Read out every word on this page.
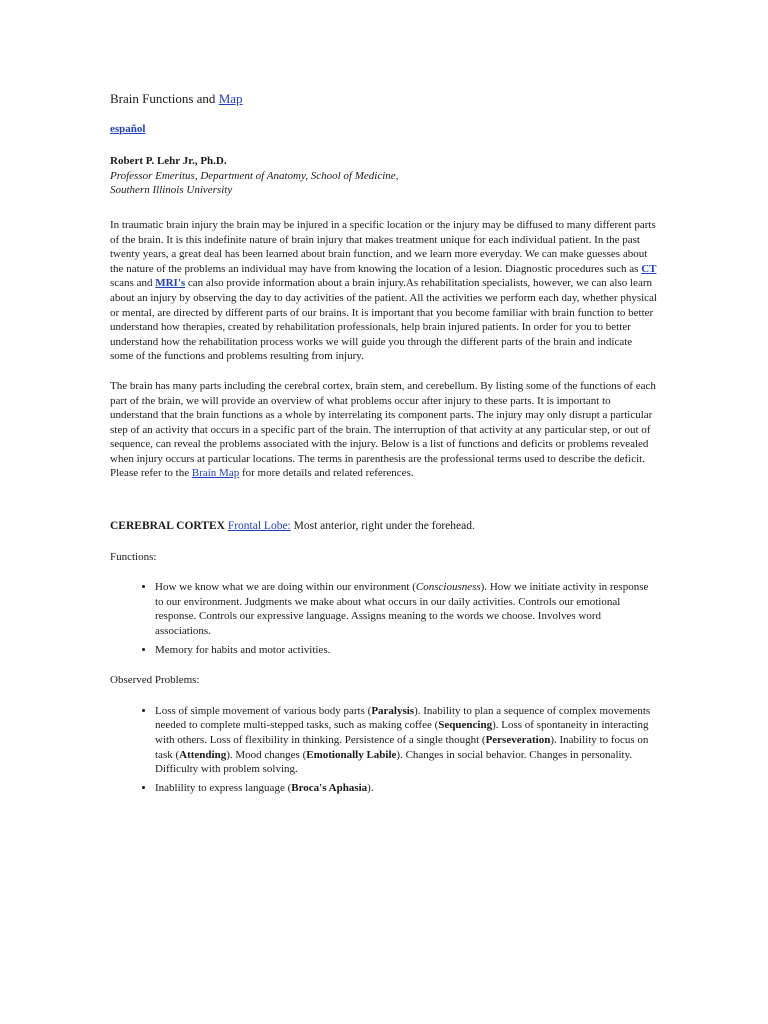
Brain Functions and Map
español
Robert P. Lehr Jr., Ph.D.
Professor Emeritus, Department of Anatomy, School of Medicine,
Southern Illinois University

In traumatic brain injury the brain may be injured in a specific location or the injury may be diffused to many different parts of the brain. It is this indefinite nature of brain injury that makes treatment unique for each individual patient. In the past twenty years, a great deal has been learned about brain function, and we learn more everyday. We can make guesses about the nature of the problems an individual may have from knowing the location of a lesion. Diagnostic procedures such as CT scans and MRI's can also provide information about a brain injury.As rehabilitation specialists, however, we can also learn about an injury by observing the day to day activities of the patient. All the activities we perform each day, whether physical or mental, are directed by different parts of our brains. It is important that you become familiar with brain function to better understand how therapies, created by rehabilitation professionals, help brain injured patients. In order for you to better understand how the rehabilitation process works we will guide you through the different parts of the brain and indicate some of the functions and problems resulting from injury.

The brain has many parts including the cerebral cortex, brain stem, and cerebellum. By listing some of the functions of each part of the brain, we will provide an overview of what problems occur after injury to these parts. It is important to understand that the brain functions as a whole by interrelating its component parts. The injury may only disrupt a particular step of an activity that occurs in a specific part of the brain. The interruption of that activity at any particular step, or out of sequence, can reveal the problems associated with the injury. Below is a list of functions and deficits or problems revealed when injury occurs at particular locations. The terms in parenthesis are the professional terms used to describe the deficit. Please refer to the Brain Map for more details and related references.

CEREBRAL CORTEX Frontal Lobe: Most anterior, right under the forehead.
Functions:
• How we know what we are doing within our environment (Consciousness). How we initiate activity in response to our environment. Judgments we make about what occurs in our daily activities. Controls our emotional response. Controls our expressive language. Assigns meaning to the words we choose. Involves word associations.
• Memory for habits and motor activities.
Observed Problems:
• Loss of simple movement of various body parts (Paralysis). Inability to plan a sequence of complex movements needed to complete multi-stepped tasks, such as making coffee (Sequencing). Loss of spontaneity in interacting with others. Loss of flexibility in thinking. Persistence of a single thought (Perseveration). Inability to focus on task (Attending). Mood changes (Emotionally Labile). Changes in social behavior. Changes in personality. Difficulty with problem solving.
• Inablility to express language (Broca's Aphasia).
